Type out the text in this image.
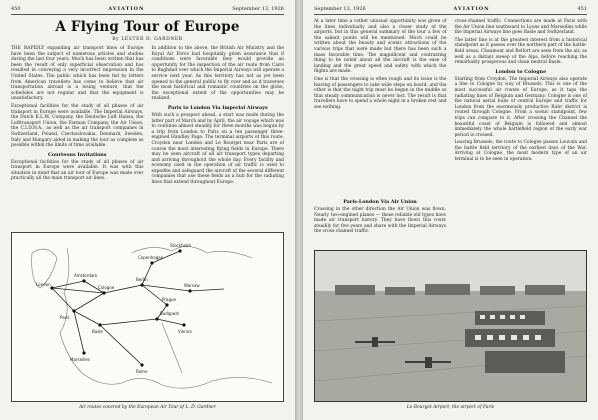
450	AVIATION	September 13, 1926
A Flying Tour of Europe
By LESTER D. GARDNER

THE RAPIDLY expanding air transport lines of Europe have been the subject of numerous articles and studies during the last four years. Much has been written that has been the result of only superficial observation and has resulted in conveying a very incorrect impression in the United States. The public which has been fed by letters from American travellers has come to believe that air transportation abroad is a losing venture, that the schedules are not regular and that the equipment is unsatisfactory.

Exceptional facilities for the study of all phases of air transport in Europe were available. The Imperial Airways, the Dutch K.L.M. Company, the Deutsche Luft Hansa, the Lufttransport Union, the Farman Company, the Air Union, the C.I.D.N.A., as well as the air transport companies in Switzerland, Poland, Czechoslovakia, Denmark, Sweden, Italy and Hungary aided in making the tour as complete as possible within the limits of time available.

Courteous Invitations

Exceptional facilities for the study of all phases of air transport in Europe were available. It was with this situation in mind that an air tour of Europe was made over practically all the main transport air lines.

In addition to the above, the British Air Ministry and the Royal Air Force had hospitably given assurance that if conditions were favorable they would provide an opportunity for the inspection of the air route from Cairo to Baghdad over which the Imperial Airways will operate a service next year. As this territory has not as yet been opened to the general public to fly over and as it traverses the most historical and romantic countries on the globe, the exceptional extent of the opportunities may be realized.

Paris to London Via Imperial Airways

With such a prospect ahead, a start was made during the latter part of March and by April, the air voyage which was to continue almost steadily for three months was begun by a trip from London to Paris on a ten passenger three-engined Handley Page. The terminal airports of this route, Croydon near London and Le Bourget near Paris are of course the most interesting flying fields in Europe. There may be seen aircraft of all air transport types departing and arriving throughout the whole day. Every facility and economy used in the operation of air traffic is used to expedite and safeguard the aircraft of the several different companies that use these fields as a hub for the radiating lines that extend throughout Europe.

London
Paris
Cologne
Berlin
Warsaw
Vienna
Rome
Basle
Copenhagen
Stockholm
Budapest
Prague
Marseilles
Amsterdam
Air routes covered by the European Air Tour of L. D. Gardner
September 13, 1926	AVIATION	451

At a later time a rather unusual opportunity was given of the lines individually and also a closer study of the airports, but in this general summary of the tour a few of the salient points will be mentioned. Much could be written about the beauty and scenic attractions of the various trips that were made but there has been such a mass favorable time. The magnificent and contrasting thing to be noted about all the aircraft is the ease of landing and the great speed and safety with which the flights are made.

One is that the crossing is often rough and its issue is the leaving of passengers to take wide steps on board, and the other is that the night trip must be begun in the middle so that steady communication is never lost. The result is that travellers have to spend a whole night in a broken rest and see nothing.

cross-channel traffic. Connections are made at Paris with the Air Union line southward to Lyons and Marseilles while the Imperial Airways line goes Basle and Switzerland.

The latter line is at the greatest interest from a historical standpoint as it passes over the northern part of the battle-field areas. Chaumont and Belfort are seen from the air, as well as a distant sweep of the Alps, before reaching the remarkably prosperous and clean neutral Basle.

London to Cologne

Starting from Croydon, The Imperial Airways also operate a line to Cologne by way of Brussels. This is one of the most successful air routes of Europe, as it taps the radiating lines of Belgium and Germany. Cologne is one of the natural aerial hubs of central Europe and traffic for London from the enormously productive Ruhr district is routed through Cologne. From a scenic standpoint, few trips can compare to it. After crossing the Channel the beautiful coast of Belgium is followed and almost immediately the whole battlefield region of the early war period is crossed.

Leaving Brussels, the route to Cologne passes Louvain and the battle field territory of the earliest days of the War. Arriving at Cologne, the most modern type of an air terminal is to be seen in operation.

Paris-London Via Air Union

Crossing in the other direction the Air Union was flown. Nearly two-engined planes — these reliable old types have made air transport history. They have flown this route steadily for five years and share with the Imperial Airways the cross-channel traffic.

Le Bourget Airport, the airport of Paris
